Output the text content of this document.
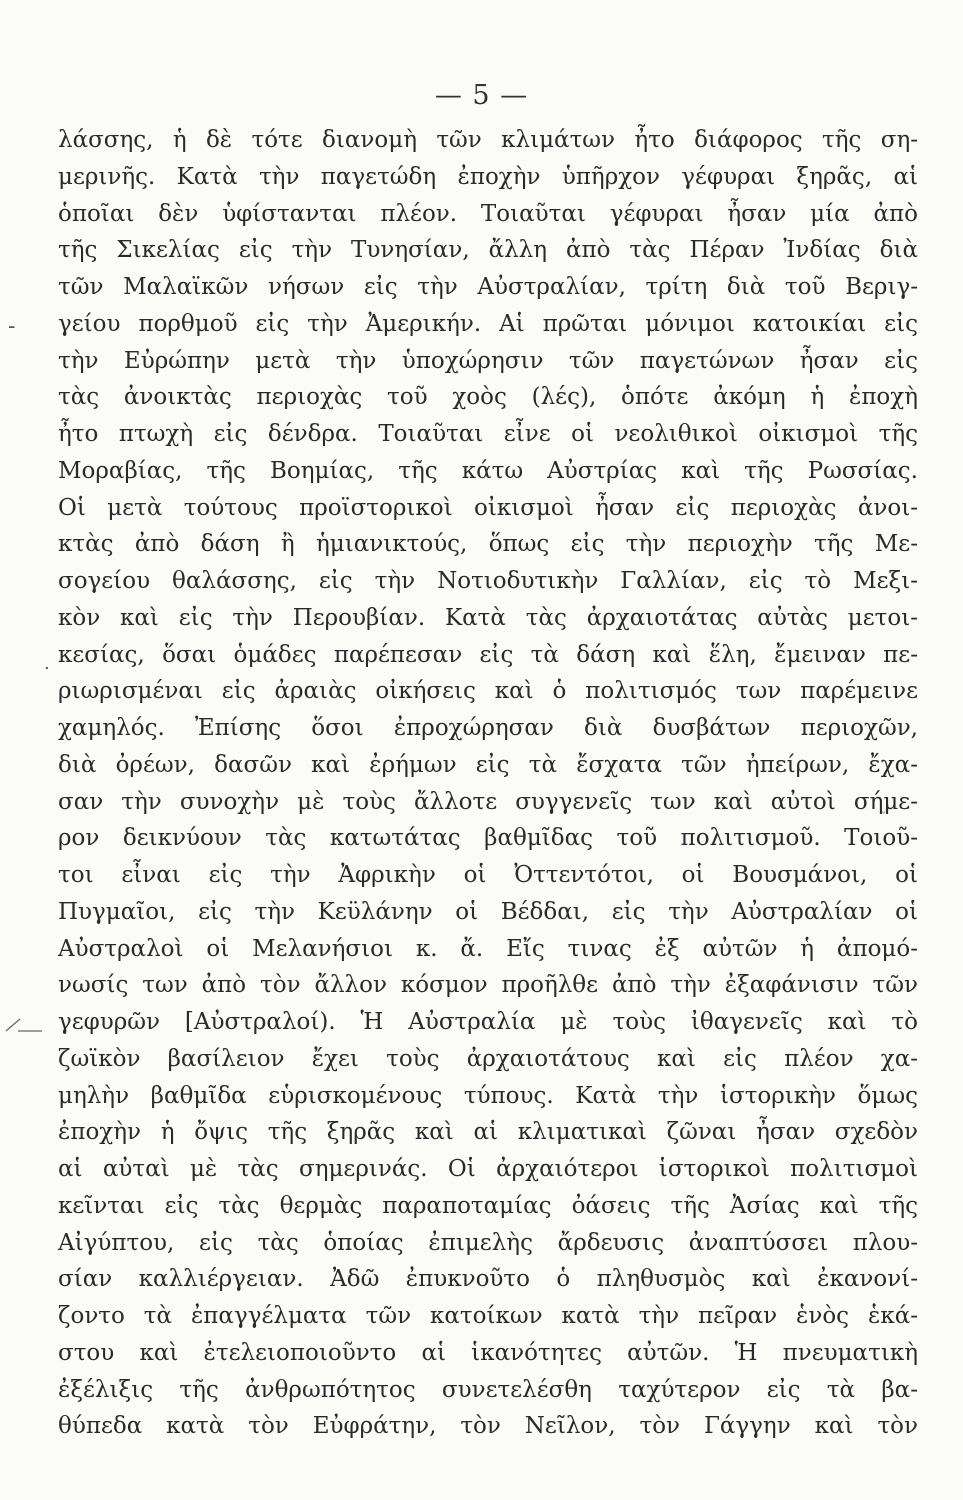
— 5 —
-
.
ˇ
λάσσης, ἡ δὲ τότε διανομὴ τῶν κλιμάτων ἦτο διάφορος τῆς ση-
μερινῆς. Κατὰ τὴν παγετώδη ἐποχὴν ὑπῆρχον γέφυραι ξηρᾶς, αἱ
ὁποῖαι δὲν ὑφίστανται πλέον. Τοιαῦται γέφυραι ἦσαν μία ἀπὸ
τῆς Σικελίας εἰς τὴν Τυνησίαν, ἄλλη ἀπὸ τὰς Πέραν Ἰνδίας διὰ
τῶν Μαλαϊκῶν νήσων εἰς τὴν Αὐστραλίαν, τρίτη διὰ τοῦ Βεριγ-
γείου πορθμοῦ εἰς τὴν Ἀμερικήν. Αἱ πρῶται μόνιμοι κατοικίαι εἰς
τὴν Εὐρώπην μετὰ τὴν ὑποχώρησιν τῶν παγετώνων ἦσαν εἰς
τὰς ἀνοικτὰς περιοχὰς τοῦ χοὸς (λές), ὁπότε ἀκόμη ἡ ἐποχὴ
ἦτο πτωχὴ εἰς δένδρα. Τοιαῦται εἶνε οἱ νεολιθικοὶ οἰκισμοὶ τῆς
Μοραβίας, τῆς Βοημίας, τῆς κάτω Αὐστρίας καὶ τῆς Ρωσσίας.
Οἱ μετὰ τούτους προϊστορικοὶ οἰκισμοὶ ἦσαν εἰς περιοχὰς ἀνοι-
κτὰς ἀπὸ δάση ἢ ἡμιανικτούς, ὅπως εἰς τὴν περιοχὴν τῆς Με-
σογείου θαλάσσης, εἰς τὴν Νοτιοδυτικὴν Γαλλίαν, εἰς τὸ Μεξι-
κὸν καὶ εἰς τὴν Περουβίαν. Κατὰ τὰς ἀρχαιοτάτας αὐτὰς μετοι-
κεσίας, ὅσαι ὁμάδες παρέπεσαν εἰς τὰ δάση καὶ ἕλη, ἔμειναν πε-
ριωρισμέναι εἰς ἀραιὰς οἰκήσεις καὶ ὁ πολιτισμός των παρέμεινε
χαμηλός. Ἐπίσης ὅσοι ἐπροχώρησαν διὰ δυσβάτων περιοχῶν,
διὰ ὀρέων, δασῶν καὶ ἐρήμων εἰς τὰ ἔσχατα τῶν ἠπείρων, ἔχα-
σαν τὴν συνοχὴν μὲ τοὺς ἄλλοτε συγγενεῖς των καὶ αὐτοὶ σήμε-
ρον δεικνύουν τὰς κατωτάτας βαθμῖδας τοῦ πολιτισμοῦ. Τοιοῦ-
τοι εἶναι εἰς τὴν Ἀφρικὴν οἱ Ὀττεντότοι, οἱ Βουσμάνοι, οἱ
Πυγμαῖοι, εἰς τὴν Κεϋλάνην οἱ Βέδδαι, εἰς τὴν Αὐστραλίαν οἱ
Αὐστραλοὶ οἱ Μελανήσιοι κ. ἄ. Εἴς τινας ἐξ αὐτῶν ἡ ἀπομό-
νωσίς των ἀπὸ τὸν ἄλλον κόσμον προῆλθε ἀπὸ τὴν ἐξαφάνισιν τῶν
γεφυρῶν [Αὐστραλοί). Ἡ Αὐστραλία μὲ τοὺς ἰθαγενεῖς καὶ τὸ
ζωϊκὸν βασίλειον ἔχει τοὺς ἀρχαιοτάτους καὶ εἰς πλέον χα-
μηλὴν βαθμῖδα εὑρισκομένους τύπους. Κατὰ τὴν ἱστορικὴν ὅμως
ἐποχὴν ἡ ὄψις τῆς ξηρᾶς καὶ αἱ κλιματικαὶ ζῶναι ἦσαν σχεδὸν
αἱ αὐταὶ μὲ τὰς σημερινάς. Οἱ ἀρχαιότεροι ἱστορικοὶ πολιτισμοὶ
κεῖνται εἰς τὰς θερμὰς παραποταμίας ὀάσεις τῆς Ἀσίας καὶ τῆς
Αἰγύπτου, εἰς τὰς ὁποίας ἐπιμελὴς ἄρδευσις ἀναπτύσσει πλου-
σίαν καλλιέργειαν. Ἀδῶ ἐπυκνοῦτο ὁ πληθυσμὸς καὶ ἐκανονί-
ζοντο τὰ ἐπαγγέλματα τῶν κατοίκων κατὰ τὴν πεῖραν ἑνὸς ἑκά-
στου καὶ ἐτελειοποιοῦντο αἱ ἱκανότητες αὐτῶν. Ἡ πνευματικὴ
ἐξέλιξις τῆς ἀνθρωπότητος συνετελέσθη ταχύτερον εἰς τὰ βα-
θύπεδα κατὰ τὸν Εὐφράτην, τὸν Νεῖλον, τὸν Γάγγην καὶ τὸν
